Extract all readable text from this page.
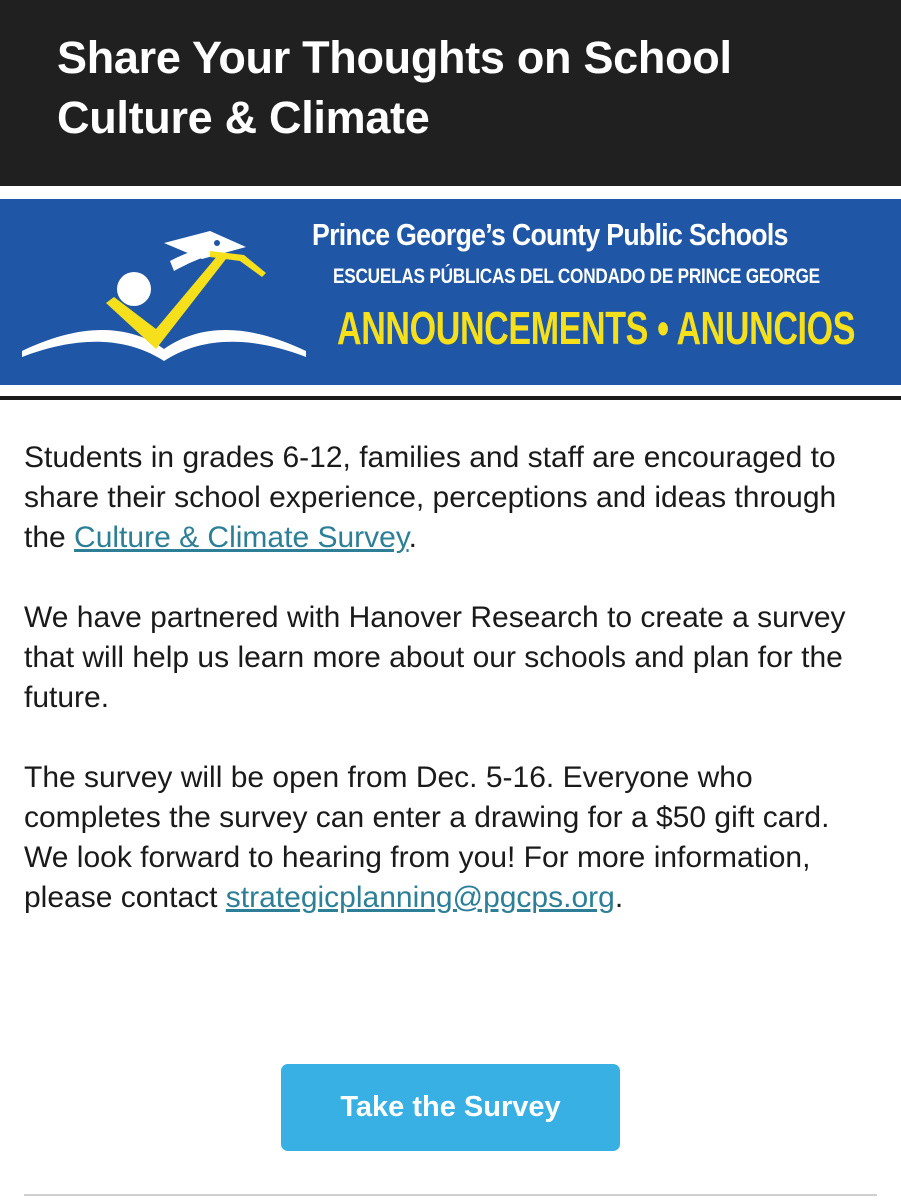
Share Your Thoughts on School Culture & Climate
Prince George’s County Public Schools
ESCUELAS PÚBLICAS DEL CONDADO DE PRINCE GEORGE
ANNOUNCEMENTS • ANUNCIOS

Students in grades 6-12, families and staff are encouraged to share their school experience, perceptions and ideas through the Culture & Climate Survey.

We have partnered with Hanover Research to create a survey that will help us learn more about our schools and plan for the future.

The survey will be open from Dec. 5-16. Everyone who completes the survey can enter a drawing for a $50 gift card. We look forward to hearing from you! For more information, please contact strategicplanning@pgcps.org.

Take the Survey
